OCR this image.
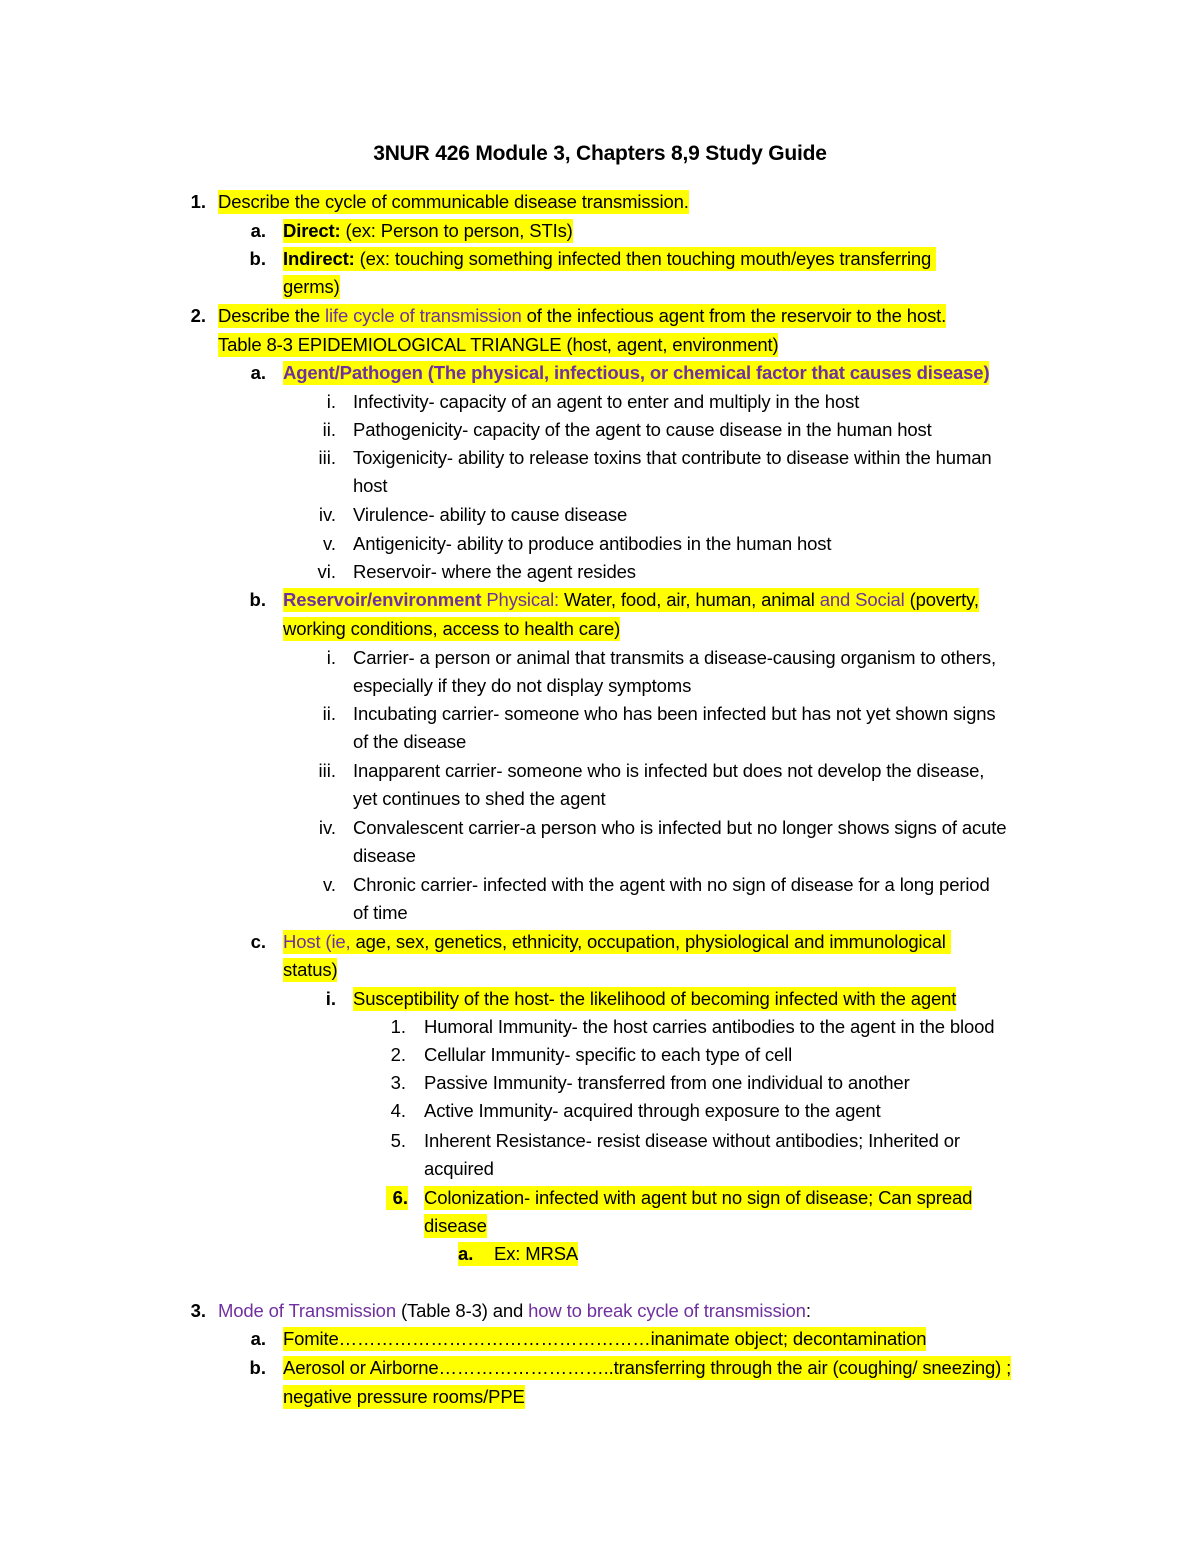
3NUR 426 Module 3, Chapters 8,9 Study Guide
1. Describe the cycle of communicable disease transmission.
a. Direct: (ex: Person to person, STIs)
b. Indirect: (ex: touching something infected then touching mouth/eyes transferring
germs)
2. Describe the life cycle of transmission of the infectious agent from the reservoir to the host.
Table 8-3 EPIDEMIOLOGICAL TRIANGLE (host, agent, environment)
a. Agent/Pathogen (The physical, infectious, or chemical factor that causes disease)
i. Infectivity- capacity of an agent to enter and multiply in the host
ii. Pathogenicity- capacity of the agent to cause disease in the human host
iii. Toxigenicity- ability to release toxins that contribute to disease within the human
host
iv. Virulence- ability to cause disease
v. Antigenicity- ability to produce antibodies in the human host
vi. Reservoir- where the agent resides
b. Reservoir/environment Physical: Water, food, air, human, animal and Social (poverty,
working conditions, access to health care)
i. Carrier- a person or animal that transmits a disease-causing organism to others,
especially if they do not display symptoms
ii. Incubating carrier- someone who has been infected but has not yet shown signs
of the disease
iii. Inapparent carrier- someone who is infected but does not develop the disease,
yet continues to shed the agent
iv. Convalescent carrier-a person who is infected but no longer shows signs of acute
disease
v. Chronic carrier- infected with the agent with no sign of disease for a long period
of time
c. Host (ie, age, sex, genetics, ethnicity, occupation, physiological and immunological
status)
i. Susceptibility of the host- the likelihood of becoming infected with the agent
1. Humoral Immunity- the host carries antibodies to the agent in the blood
2. Cellular Immunity- specific to each type of cell
3. Passive Immunity- transferred from one individual to another
4. Active Immunity- acquired through exposure to the agent
5. Inherent Resistance- resist disease without antibodies; Inherited or
acquired
6. Colonization- infected with agent but no sign of disease; Can spread
disease
a.	Ex: MRSA
3. Mode of Transmission (Table 8-3) and how to break cycle of transmission:
a. Fomite……………………………………………inanimate object; decontamination
b. Aerosol or Airborne………………………..transferring through the air (coughing/ sneezing) ;
negative pressure rooms/PPE
